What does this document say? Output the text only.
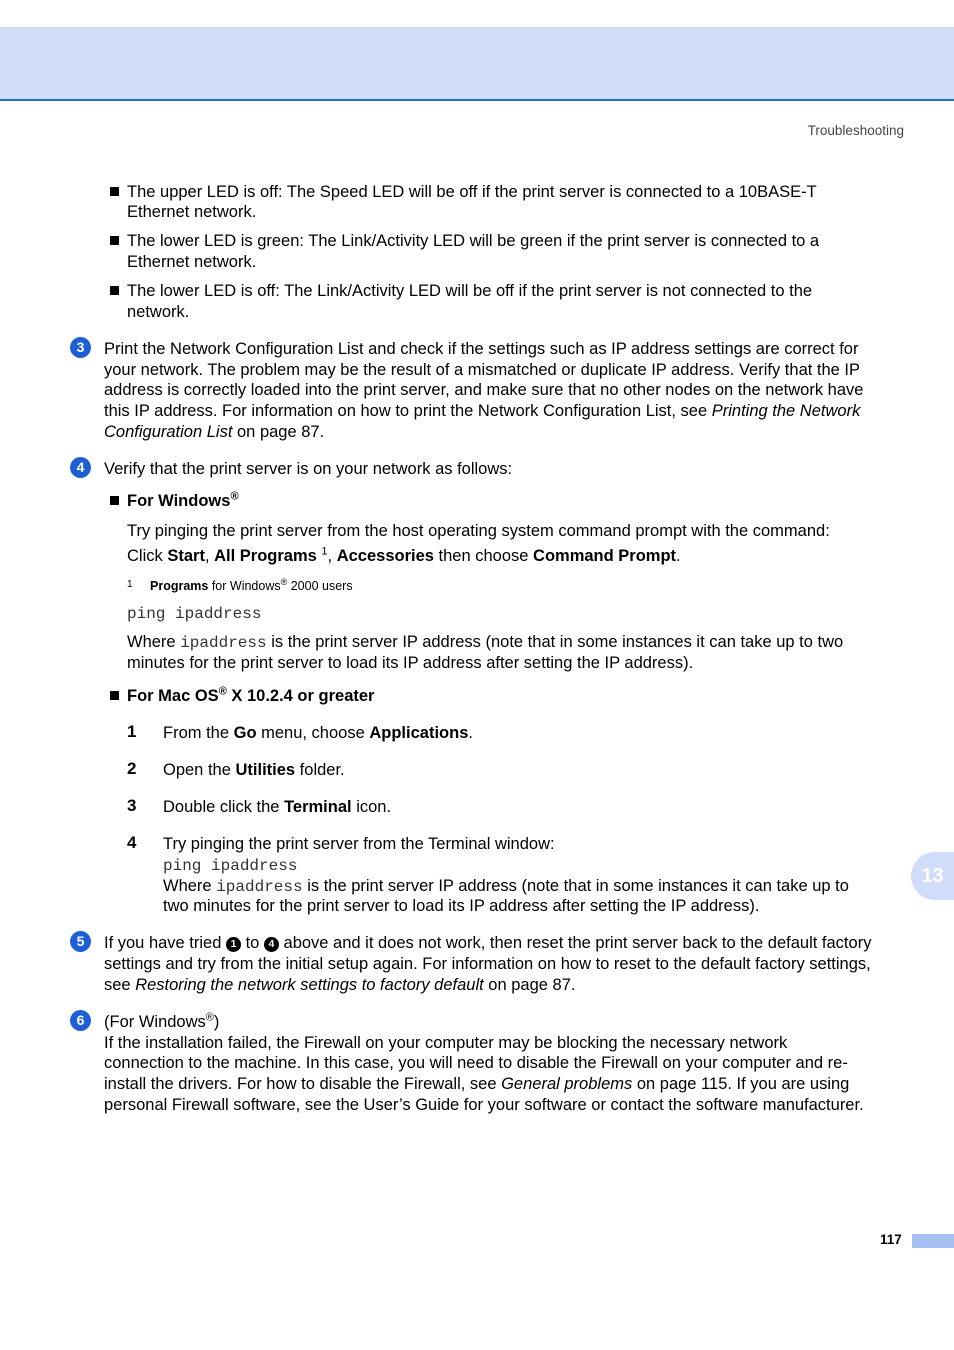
Troubleshooting
The upper LED is off: The Speed LED will be off if the print server is connected to a 10BASE-T
Ethernet network.
The lower LED is green: The Link/Activity LED will be green if the print server is connected to a
Ethernet network.
The lower LED is off: The Link/Activity LED will be off if the print server is not connected to the
network.
3	Print the Network Configuration List and check if the settings such as IP address settings are correct for
your network. The problem may be the result of a mismatched or duplicate IP address. Verify that the IP
address is correctly loaded into the print server, and make sure that no other nodes on the network have
this IP address. For information on how to print the Network Configuration List, see Printing the Network
Configuration List on page 87.
4	Verify that the print server is on your network as follows:
For Windows®
Try pinging the print server from the host operating system command prompt with the command:
Click Start, All Programs $^1$, Accessories then choose Command Prompt.
1 Programs for Windows® 2000 users
ping ipaddress
Where ipaddress is the print server IP address (note that in some instances it can take up to two
minutes for the print server to load its IP address after setting the IP address).
For Mac OS® X 10.2.4 or greater
1 From the Go menu, choose Applications.
2 Open the Utilities folder.
3 Double click the Terminal icon.
4 Try pinging the print server from the Terminal window:
ping ipaddress
Where ipaddress is the print server IP address (note that in some instances it can take up to
two minutes for the print server to load its IP address after setting the IP address).
13
5	If you have tried 1 to 4 above and it does not work, then reset the print server back to the default factory
settings and try from the initial setup again. For information on how to reset to the default factory settings,
see Restoring the network settings to factory default on page 87.
6	(For Windows®)
If the installation failed, the Firewall on your computer may be blocking the necessary network
connection to the machine. In this case, you will need to disable the Firewall on your computer and re-
install the drivers. For how to disable the Firewall, see General problems on page 115. If you are using
personal Firewall software, see the User’s Guide for your software or contact the software manufacturer.
117
